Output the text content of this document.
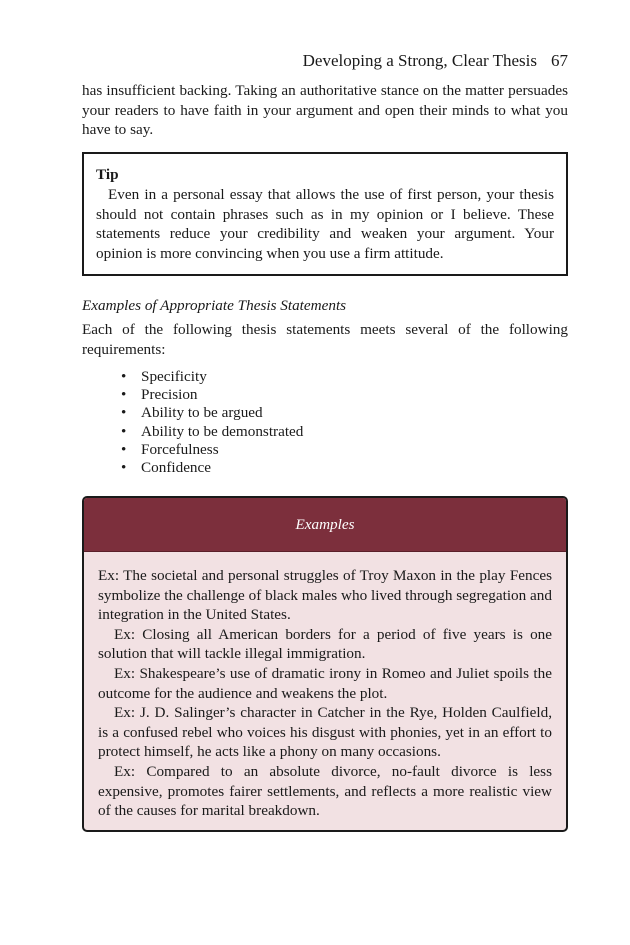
Developing a Strong, Clear Thesis 67

has insufficient backing. Taking an authoritative stance on the matter persuades your readers to have faith in your argument and open their minds to what you have to say.

Tip

Even in a personal essay that allows the use of first person, your thesis should not contain phrases such as in my opinion or I believe. These statements reduce your credibility and weaken your argument. Your opinion is more convincing when you use a firm attitude.

Examples of Appropriate Thesis Statements

Each of the following thesis statements meets several of the following requirements:

• Specificity
• Precision
• Ability to be argued
• Ability to be demonstrated
• Forcefulness
• Confidence
Examples

Ex: The societal and personal struggles of Troy Maxon in the play Fences symbolize the challenge of black males who lived through segregation and integration in the United States.

Ex: Closing all American borders for a period of five years is one solution that will tackle illegal immigration.

Ex: Shakespeare’s use of dramatic irony in Romeo and Juliet spoils the outcome for the audience and weakens the plot.

Ex: J. D. Salinger’s character in Catcher in the Rye, Holden Caulfield, is a confused rebel who voices his disgust with phonies, yet in an effort to protect himself, he acts like a phony on many occasions.

Ex: Compared to an absolute divorce, no-fault divorce is less expensive, promotes fairer settlements, and reflects a more realistic view of the causes for marital breakdown.
